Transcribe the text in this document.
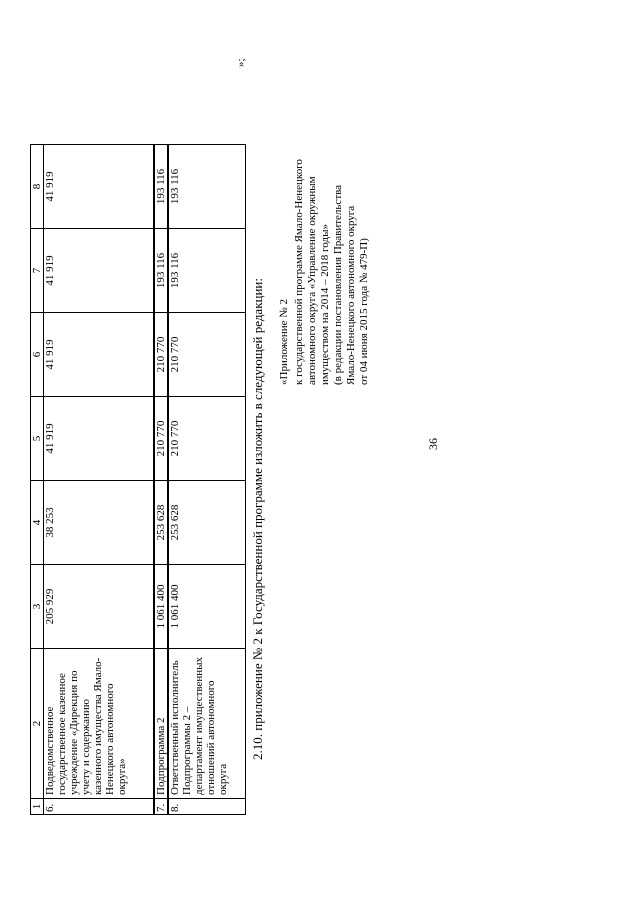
36
1	2	3	4	5	6	7	8
6.	Подведомственное государственное казенное учреждение «Дирекция по учету и содержанию казенного имущества Ямало-Ненецкого автономного округа»	205 929	38 253	41 919	41 919	41 919	41 919
7.	Подпрограмма 2	1 061 400	253 628	210 770	210 770	193 116	193 116
8.	Ответственный исполнитель Подпрограммы 2 – департамент имущественных отношений автономного округа	1 061 400	253 628	210 770	210 770	193 116	193 116
»;
2.10. приложение № 2 к Государственной программе изложить в следующей редакции: «Приложение № 2 к государственной программе Ямало-Ненецкого автономного округа «Управление окружным имуществом на 2014 – 2018 годы» (в редакции постановления Правительства Ямало-Ненецкого автономного округа от 04 июня 2015 года № 479-П)
